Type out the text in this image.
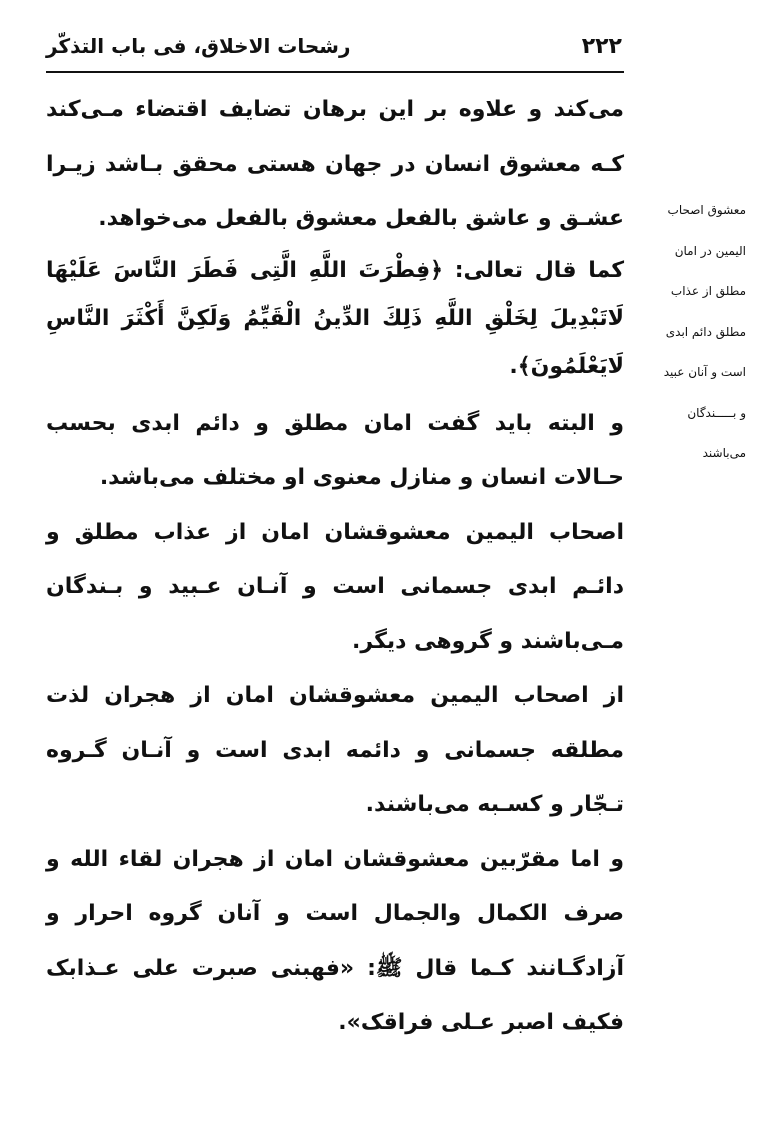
۲۲۲
رشحات الاخلاق، فی باب التذکّر

می‌کند و علاوه بر این برهان تضایف اقتضاء مـی‌کند کـه معشوق انسان در جهان هستی محقق بـاشد زیـرا عشـق و عاشق بالفعل معشوق بالفعل می‌خواهد.

کما قال تعالی: ﴿فِطْرَتَ اللَّهِ الَّتِی فَطَرَ النَّاسَ عَلَيْهَا لَاتَبْدِيلَ لِخَلْقِ اللَّهِ ذَلِكَ الدِّينُ الْقَيِّمُ وَلَكِنَّ أَكْثَرَ النَّاسِ لَايَعْلَمُونَ﴾.

و البته باید گفت امان مطلق و دائم ابدی بحسب حـالات انسان و منازل معنوی او مختلف می‌باشد.

اصحاب الیمین معشوقشان امان از عذاب مطلق و دائـم ابدی جسمانی است و آنـان عـبید و بـندگان مـی‌باشند و گروهی دیگر.

از اصحاب الیمین معشوقشان امان از هجران لذت مطلقه جسمانی و دائمه ابدی است و آنـان گـروه تـجّار و کسـبه می‌باشند.

و اما مقرّبین معشوقشان امان از هجران لقاء الله و صرف الکمال والجمال است و آنان گروه احرار و آزادگـانند کـما قال ﷺ: «فهبنی صبرت علی عـذابک فکیف اصبر عـلی فراقک».

معشوق اصحاب

الیمین در امان

مطلق از عذاب

مطلق دائم ابدی

است و آنان عبید

و بـــــندگان

می‌باشند
